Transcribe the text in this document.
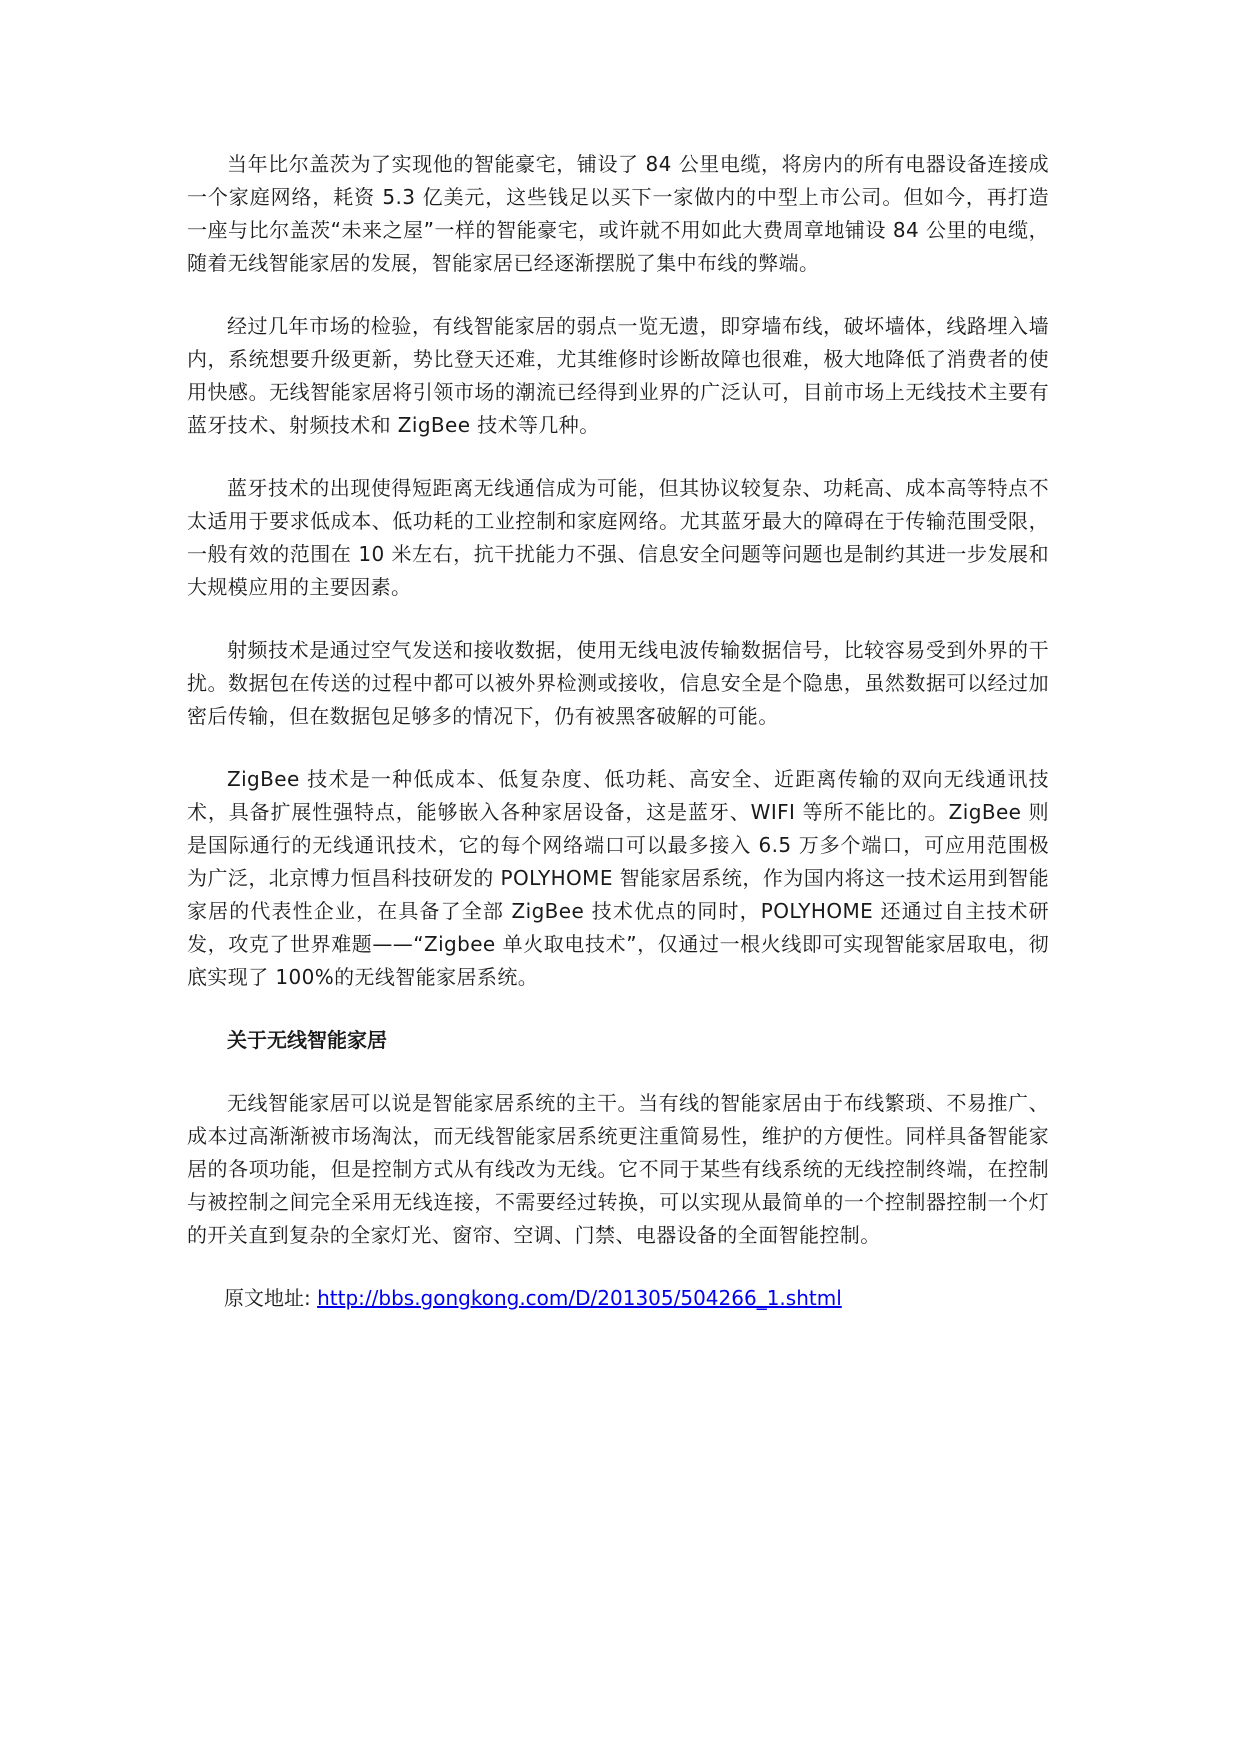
当年比尔盖茨为了实现他的智能豪宅，铺设了 84 公里电缆，将房内的所有电器设备连接成一个家庭网络，耗资 5.3 亿美元，这些钱足以买下一家做内的中型上市公司。但如今，再打造一座与比尔盖茨“未来之屋”一样的智能豪宅，或许就不用如此大费周章地铺设 84 公里的电缆，随着无线智能家居的发展，智能家居已经逐渐摆脱了集中布线的弊端。

经过几年市场的检验，有线智能家居的弱点一览无遗，即穿墙布线，破坏墙体，线路埋入墙内，系统想要升级更新，势比登天还难，尤其维修时诊断故障也很难，极大地降低了消费者的使用快感。无线智能家居将引领市场的潮流已经得到业界的广泛认可，目前市场上无线技术主要有蓝牙技术、射频技术和 ZigBee 技术等几种。

蓝牙技术的出现使得短距离无线通信成为可能，但其协议较复杂、功耗高、成本高等特点不太适用于要求低成本、低功耗的工业控制和家庭网络。尤其蓝牙最大的障碍在于传输范围受限，一般有效的范围在 10 米左右，抗干扰能力不强、信息安全问题等问题也是制约其进一步发展和大规模应用的主要因素。

射频技术是通过空气发送和接收数据，使用无线电波传输数据信号，比较容易受到外界的干扰。数据包在传送的过程中都可以被外界检测或接收，信息安全是个隐患，虽然数据可以经过加密后传输，但在数据包足够多的情况下，仍有被黑客破解的可能。

ZigBee 技术是一种低成本、低复杂度、低功耗、高安全、近距离传输的双向无线通讯技术，具备扩展性强特点，能够嵌入各种家居设备，这是蓝牙、WIFI 等所不能比的。ZigBee 则是国际通行的无线通讯技术，它的每个网络端口可以最多接入 6.5 万多个端口，可应用范围极为广泛，北京博力恒昌科技研发的 POLYHOME 智能家居系统，作为国内将这一技术运用到智能家居的代表性企业，在具备了全部 ZigBee 技术优点的同时，POLYHOME 还通过自主技术研发，攻克了世界难题——“Zigbee 单火取电技术”，仅通过一根火线即可实现智能家居取电，彻底实现了 100%的无线智能家居系统。

关于无线智能家居

无线智能家居可以说是智能家居系统的主干。当有线的智能家居由于布线繁琐、不易推广、成本过高渐渐被市场淘汰，而无线智能家居系统更注重简易性，维护的方便性。同样具备智能家居的各项功能，但是控制方式从有线改为无线。它不同于某些有线系统的无线控制终端，在控制与被控制之间完全采用无线连接，不需要经过转换，可以实现从最简单的一个控制器控制一个灯的开关直到复杂的全家灯光、窗帘、空调、门禁、电器设备的全面智能控制。

原文地址: http://bbs.gongkong.com/D/201305/504266_1.shtml
